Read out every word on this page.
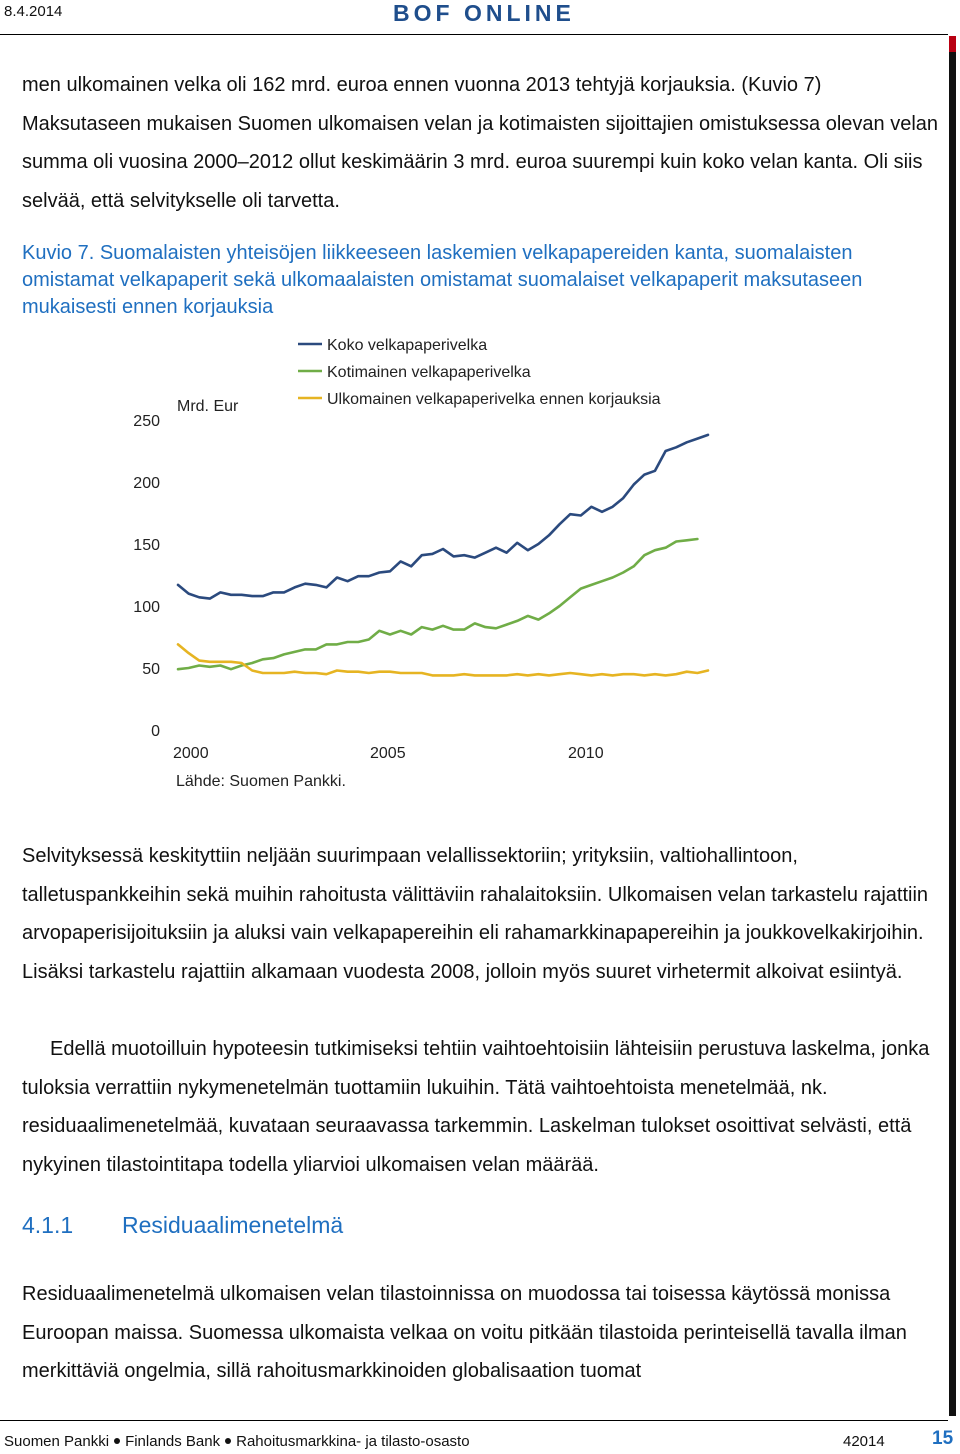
8.4.2014	BOF ONLINE
men ulkomainen velka oli 162 mrd. euroa ennen vuonna 2013 tehtyjä korjauksia. (Kuvio 7) Maksutaseen mukaisen Suomen ulkomaisen velan ja kotimaisten sijoittajien omistuksessa olevan velan summa oli vuosina 2000–2012 ollut keskimäärin 3 mrd. euroa suurempi kuin koko velan kanta. Oli siis selvää, että selvitykselle oli tarvetta.
Kuvio 7. Suomalaisten yhteisöjen liikkeeseen laskemien velkapapereiden kanta, suomalaisten omistamat velkapaperit sekä ulkomaalaisten omistamat suomalaiset velkapaperit maksutaseen mukaisesti ennen korjauksia
Koko velkapaperivelka
Kotimainen velkapaperivelka
Ulkomainen velkapaperivelka ennen korjauksia
Mrd. Eur
250
200
150
100
50
0
2000	2005	2010
Lähde: Suomen Pankki.
Selvityksessä keskityttiin neljään suurimpaan velallissektoriin; yrityksiin, valtiohallintoon, talletuspankkeihin sekä muihin rahoitusta välittäviin rahalaitoksiin. Ulkomaisen velan tarkastelu rajattiin arvopaperisijoituksiin ja aluksi vain velkapapereihin eli rahamarkkinapapereihin ja joukkovelkakirjoihin. Lisäksi tarkastelu rajattiin alkamaan vuodesta 2008, jolloin myös suuret virhetermit alkoivat esiintyä.
Edellä muotoilluin hypoteesin tutkimiseksi tehtiin vaihtoehtoisiin lähteisiin perustuva laskelma, jonka tuloksia verrattiin nykymenetelmän tuottamiin lukuihin. Tätä vaihtoehtoista menetelmää, nk. residuaalimenetelmää, kuvataan seuraavassa tarkemmin. Laskelman tulokset osoittivat selvästi, että nykyinen tilastointitapa todella yliarvioi ulkomaisen velan määrää.
4.1.1 Residuaalimenetelmä
Residuaalimenetelmä ulkomaisen velan tilastoinnissa on muodossa tai toisessa käytössä monissa Euroopan maissa. Suomessa ulkomaista velkaa on voitu pitkään tilastoida perinteisellä tavalla ilman merkittäviä ongelmia, sillä rahoitusmarkkinoiden globalisaation tuomat
Suomen Pankki Finlands Bank Rahoitusmarkkina- ja tilasto-osasto	42014 15
